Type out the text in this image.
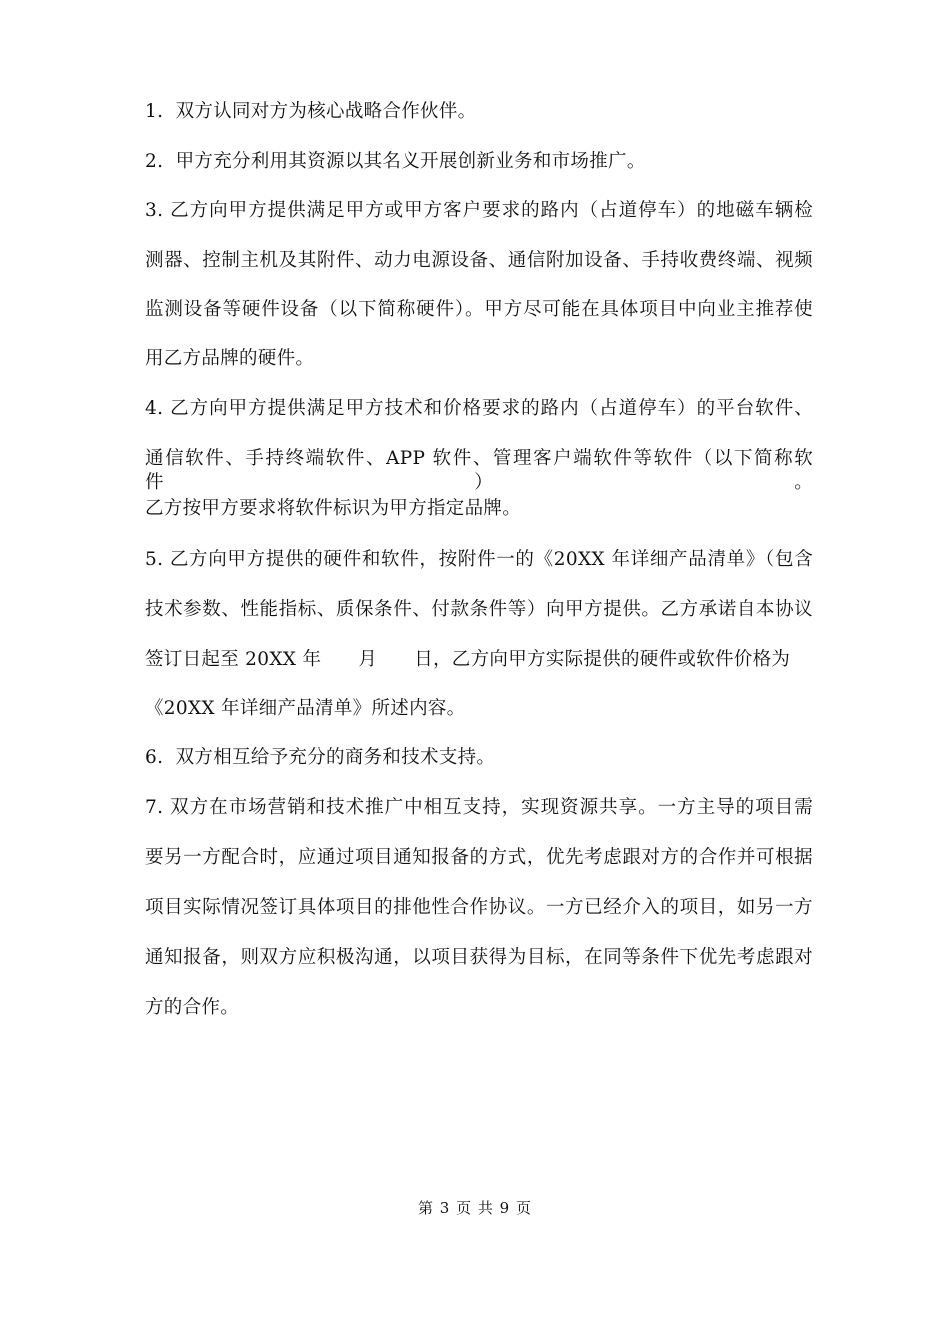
1.  双方认同对方为核心战略合作伙伴。
2.  甲方充分利用其资源以其名义开展创新业务和市场推广。
3. 乙方向甲方提供满足甲方或甲方客户要求的路内（占道停车）的地磁车辆检
测器、控制主机及其附件、动力电源设备、通信附加设备、手持收费终端、视频
监测设备等硬件设备（以下简称硬件）。甲方尽可能在具体项目中向业主推荐使
用乙方品牌的硬件。
4. 乙方向甲方提供满足甲方技术和价格要求的路内（占道停车）的平台软件、
通信软件、手持终端软件、APP 软件、管理客户端软件等软件（以下简称软件）。
乙方按甲方要求将软件标识为甲方指定品牌。
5. 乙方向甲方提供的硬件和软件，按附件一的《20XX 年详细产品清单》（包含
技术参数、性能指标、质保条件、付款条件等）向甲方提供。乙方承诺自本协议
签订日起至 20XX 年      月      日，乙方向甲方实际提供的硬件或软件价格为
《20XX 年详细产品清单》所述内容。
6.  双方相互给予充分的商务和技术支持。
7. 双方在市场营销和技术推广中相互支持，实现资源共享。一方主导的项目需
要另一方配合时，应通过项目通知报备的方式，优先考虑跟对方的合作并可根据
项目实际情况签订具体项目的排他性合作协议。一方已经介入的项目，如另一方
通知报备，则双方应积极沟通，以项目获得为目标，在同等条件下优先考虑跟对
方的合作。
第 3 页 共 9 页
